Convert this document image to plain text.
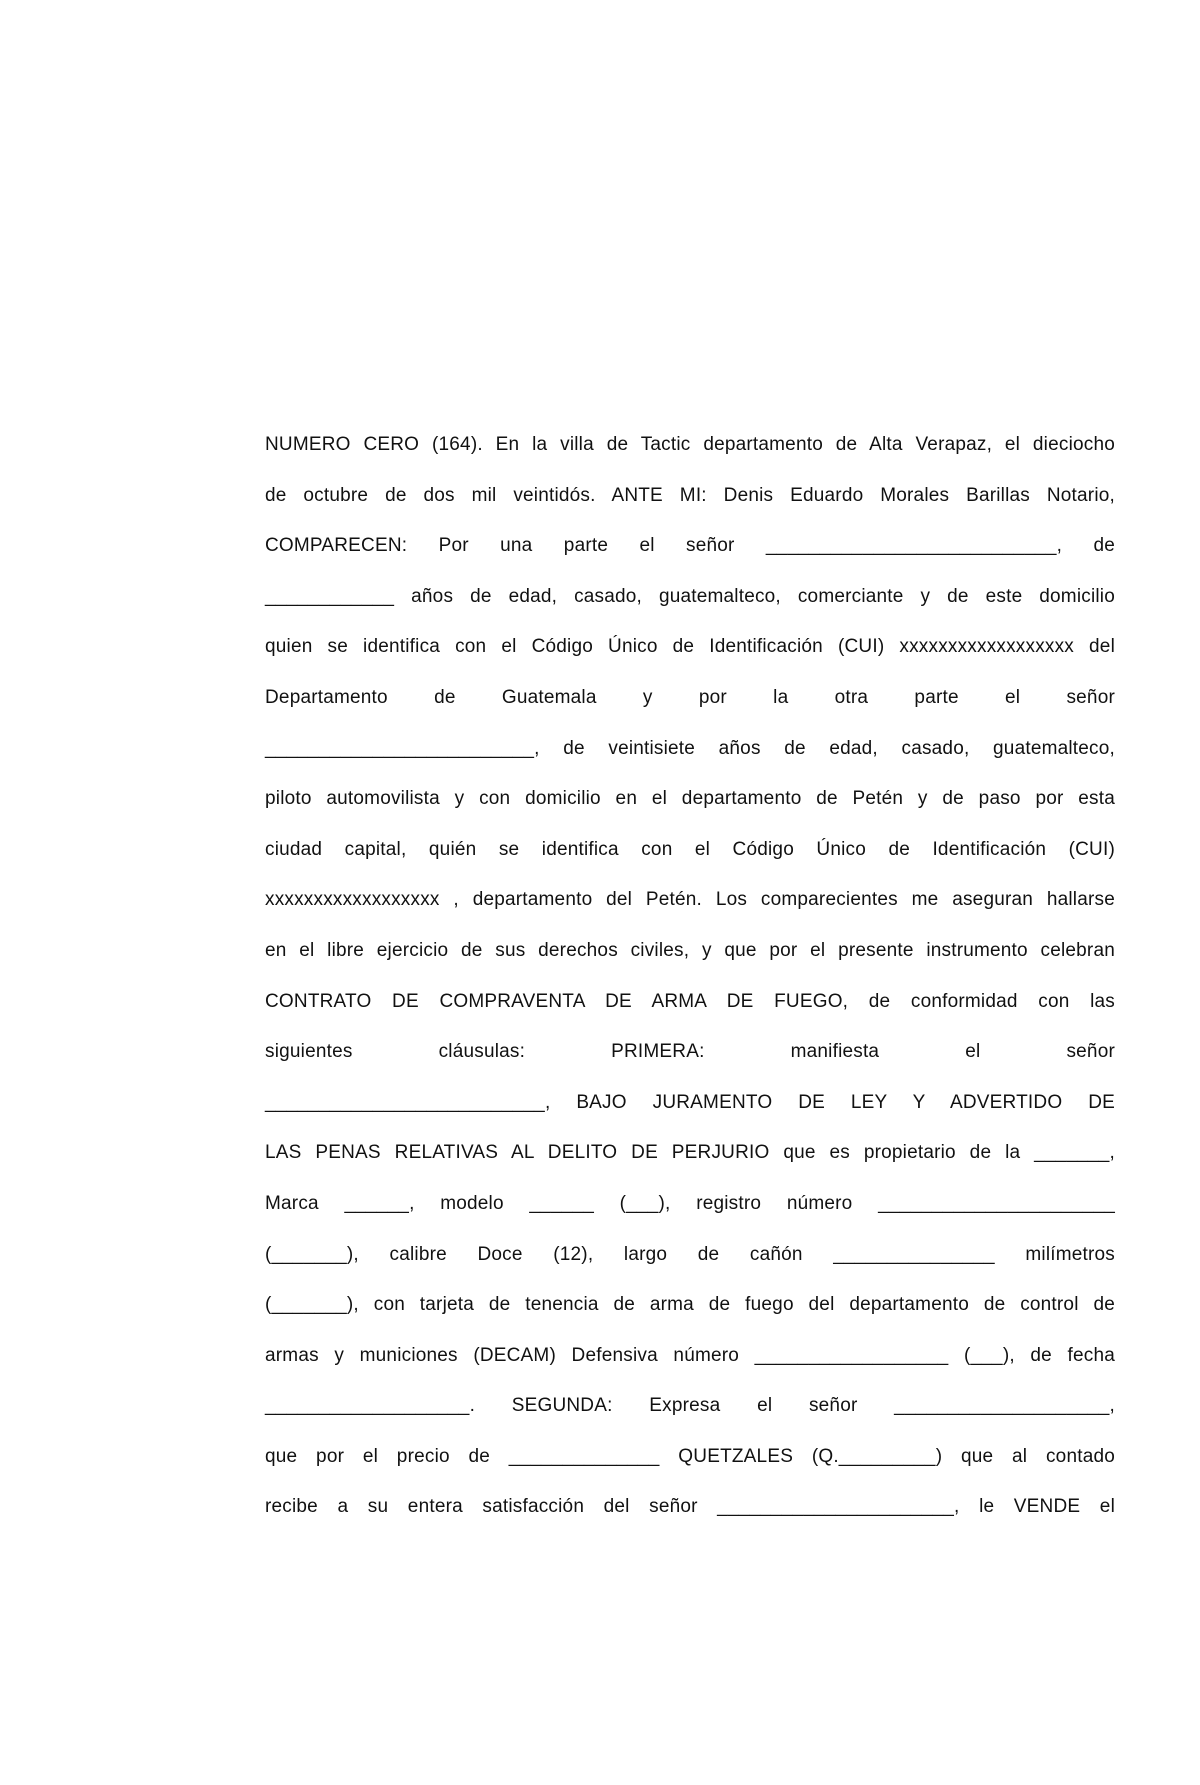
NUMERO CERO (164). En la villa de Tactic departamento de Alta Verapaz, el dieciocho
de octubre de dos mil veintidós. ANTE MI: Denis Eduardo Morales Barillas Notario,
COMPARECEN: Por una parte el señor ___________________________, de
____________ años de edad, casado, guatemalteco, comerciante y de este domicilio
quien se identifica con el Código Único de Identificación (CUI) xxxxxxxxxxxxxxxxxx del
Departamento de Guatemala y por la otra parte el señor
_________________________, de veintisiete años de edad, casado, guatemalteco,
piloto automovilista y con domicilio en el departamento de Petén y de paso por esta
ciudad capital, quién se identifica con el Código Único de Identificación (CUI)
xxxxxxxxxxxxxxxxxx , departamento del Petén. Los comparecientes me aseguran hallarse
en el libre ejercicio de sus derechos civiles, y que por el presente instrumento celebran
CONTRATO DE COMPRAVENTA DE ARMA DE FUEGO, de conformidad con las
siguientes cláusulas: PRIMERA: manifiesta el señor
__________________________, BAJO JURAMENTO DE LEY Y ADVERTIDO DE
LAS PENAS RELATIVAS AL DELITO DE PERJURIO que es propietario de la _______,
Marca ______, modelo ______ (___), registro número ______________________
(_______), calibre Doce (12), largo de cañón _______________ milímetros
(_______), con tarjeta de tenencia de arma de fuego del departamento de control de
armas y municiones (DECAM) Defensiva número __________________ (___), de fecha
___________________. SEGUNDA: Expresa el señor ____________________,
que por el precio de ______________ QUETZALES (Q._________) que al contado
recibe a su entera satisfacción del señor ______________________, le VENDE el
